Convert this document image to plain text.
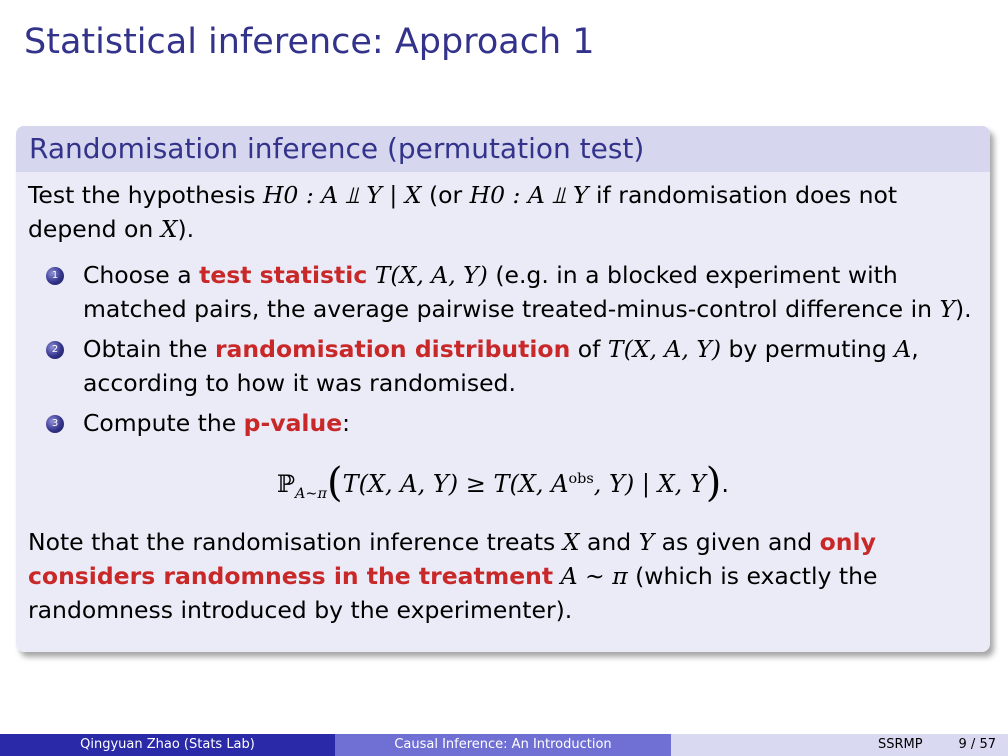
Statistical inference: Approach 1
Randomisation inference (permutation test)
Test the hypothesis H0 : A ⫫ Y | X (or H0 : A ⫫ Y if randomisation does not depend on X).
1 Choose a test statistic T(X, A, Y) (e.g. in a blocked experiment with matched pairs, the average pairwise treated-minus-control difference in Y).
2 Obtain the randomisation distribution of T(X, A, Y) by permuting A, according to how it was randomised.
3 Compute the p-value:
ℙ$_{A\sim\pi}$(T(X, A, Y) ≥ T(X, $A^{obs}$, Y) | X, Y).
Note that the randomisation inference treats X and Y as given and only considers randomness in the treatment A ∼ π (which is exactly the randomness introduced by the experimenter).
Qingyuan Zhao (Stats Lab)	Causal Inference: An Introduction	SSRMP	9 / 57
